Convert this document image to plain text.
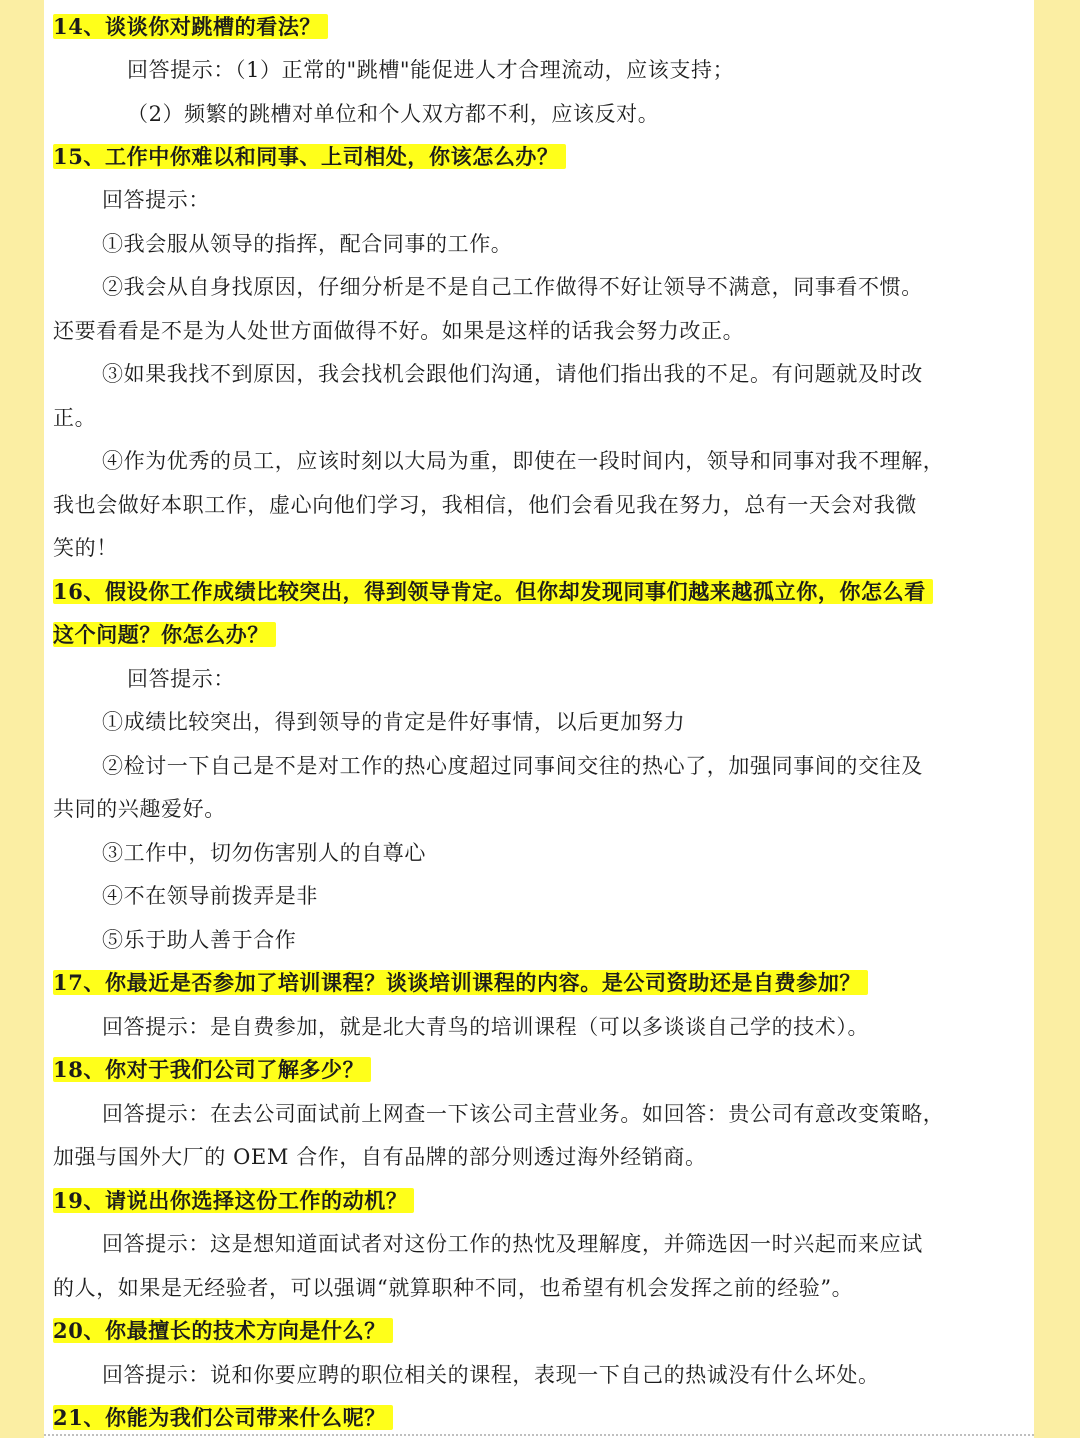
14、谈谈你对跳槽的看法？
回答提示：（1）正常的"跳槽"能促进人才合理流动，应该支持；
（2）频繁的跳槽对单位和个人双方都不利，应该反对。
15、工作中你难以和同事、上司相处，你该怎么办？
回答提示：
①我会服从领导的指挥，配合同事的工作。
②我会从自身找原因，仔细分析是不是自己工作做得不好让领导不满意，同事看不惯。
还要看看是不是为人处世方面做得不好。如果是这样的话我会努力改正。
③如果我找不到原因，我会找机会跟他们沟通，请他们指出我的不足。有问题就及时改
正。
④作为优秀的员工，应该时刻以大局为重，即使在一段时间内，领导和同事对我不理解，
我也会做好本职工作，虚心向他们学习，我相信，他们会看见我在努力，总有一天会对我微
笑的！
16、假设你工作成绩比较突出，得到领导肯定。但你却发现同事们越来越孤立你，你怎么看
这个问题？你怎么办？
回答提示：
①成绩比较突出，得到领导的肯定是件好事情，以后更加努力
②检讨一下自己是不是对工作的热心度超过同事间交往的热心了，加强同事间的交往及
共同的兴趣爱好。
③工作中，切勿伤害别人的自尊心
④不在领导前拨弄是非
⑤乐于助人善于合作
17、你最近是否参加了培训课程？谈谈培训课程的内容。是公司资助还是自费参加？
回答提示：是自费参加，就是北大青鸟的培训课程（可以多谈谈自己学的技术）。
18、你对于我们公司了解多少？
回答提示：在去公司面试前上网查一下该公司主营业务。如回答：贵公司有意改变策略，
加强与国外大厂的 OEM 合作，自有品牌的部分则透过海外经销商。
19、请说出你选择这份工作的动机？
回答提示：这是想知道面试者对这份工作的热忱及理解度，并筛选因一时兴起而来应试
的人，如果是无经验者，可以强调“就算职种不同，也希望有机会发挥之前的经验”。
20、你最擅长的技术方向是什么？
回答提示：说和你要应聘的职位相关的课程，表现一下自己的热诚没有什么坏处。
21、你能为我们公司带来什么呢？
